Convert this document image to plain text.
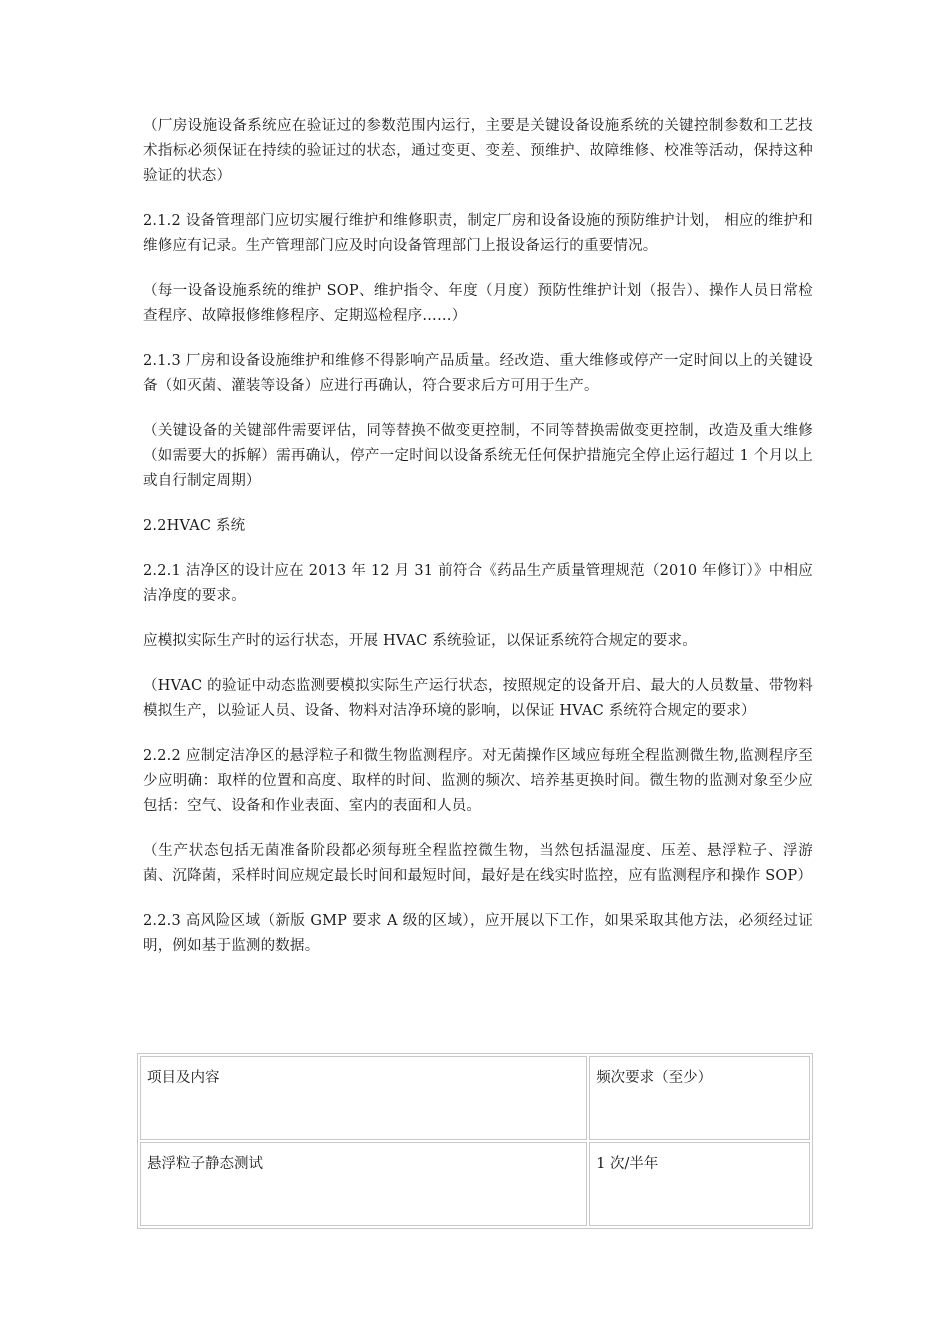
（厂房设施设备系统应在验证过的参数范围内运行，主要是关键设备设施系统的关键控制参数和工艺技术指标必须保证在持续的验证过的状态，通过变更、变差、预维护、故障维修、校准等活动，保持这种验证的状态）

2.1.2 设备管理部门应切实履行维护和维修职责，制定厂房和设备设施的预防维护计划， 相应的维护和维修应有记录。生产管理部门应及时向设备管理部门上报设备运行的重要情况。

（每一设备设施系统的维护 SOP、维护指令、年度（月度）预防性维护计划（报告）、操作人员日常检查程序、故障报修维修程序、定期巡检程序……）

2.1.3 厂房和设备设施维护和维修不得影响产品质量。经改造、重大维修或停产一定时间以上的关键设备（如灭菌、灌装等设备）应进行再确认，符合要求后方可用于生产。

（关键设备的关键部件需要评估，同等替换不做变更控制，不同等替换需做变更控制，改造及重大维修（如需要大的拆解）需再确认，停产一定时间以设备系统无任何保护措施完全停止运行超过 1 个月以上或自行制定周期）

2.2HVAC 系统

2.2.1 洁净区的设计应在 2013 年 12 月 31 前符合《药品生产质量管理规范（2010 年修订）》中相应洁净度的要求。

应模拟实际生产时的运行状态，开展 HVAC 系统验证，以保证系统符合规定的要求。

（HVAC 的验证中动态监测要模拟实际生产运行状态，按照规定的设备开启、最大的人员数量、带物料模拟生产，以验证人员、设备、物料对洁净环境的影响，以保证 HVAC 系统符合规定的要求）

2.2.2 应制定洁净区的悬浮粒子和微生物监测程序。对无菌操作区域应每班全程监测微生物,监测程序至少应明确：取样的位置和高度、取样的时间、监测的频次、培养基更换时间。微生物的监测对象至少应包括：空气、设备和作业表面、室内的表面和人员。

（生产状态包括无菌准备阶段都必须每班全程监控微生物，当然包括温湿度、压差、悬浮粒子、浮游菌、沉降菌，采样时间应规定最长时间和最短时间，最好是在线实时监控，应有监测程序和操作 SOP）

2.2.3 高风险区域（新版 GMP 要求 A 级的区域），应开展以下工作，如果采取其他方法，必须经过证明，例如基于监测的数据。

项目及内容	频次要求（至少）
悬浮粒子静态测试	1 次/半年
